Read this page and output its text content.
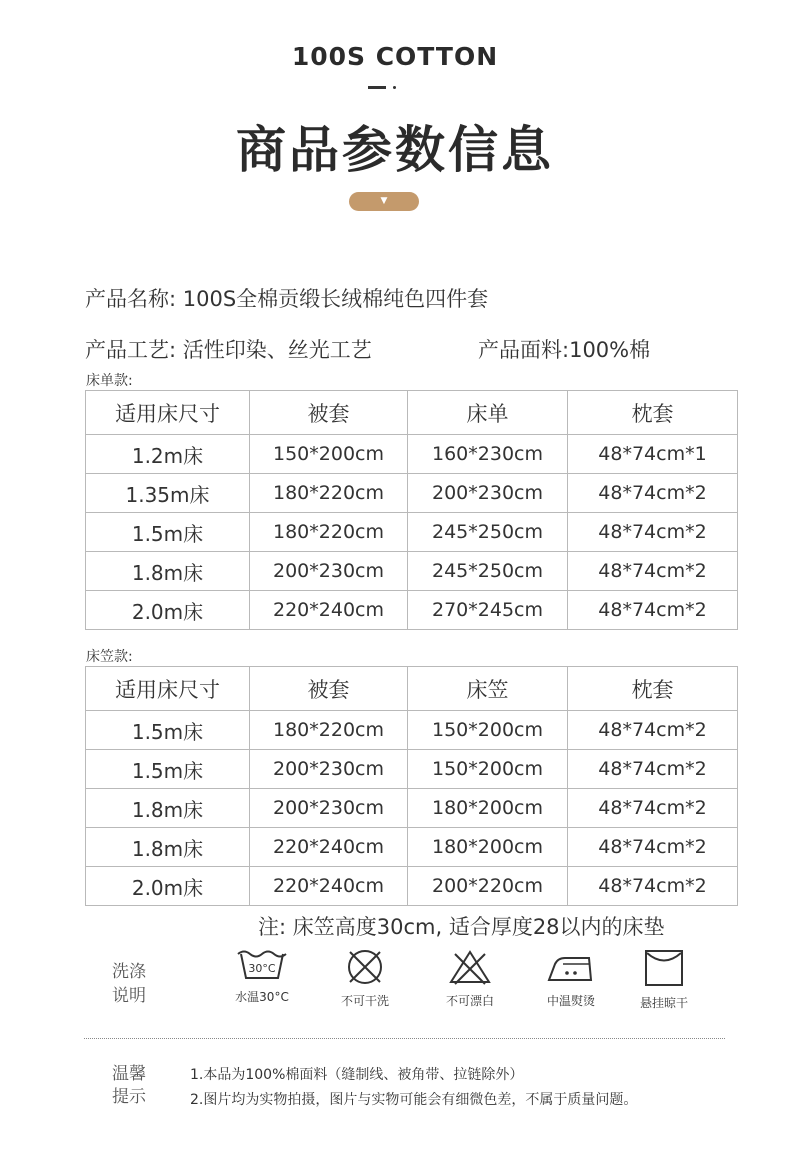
100S COTTON
商品参数信息
▼
产品名称: 100S全棉贡缎长绒棉纯色四件套
产品工艺: 活性印染、丝光工艺	产品面料:100%棉
床单款:
适用床尺寸	被套	床单	枕套
1.2m床	150*200cm	160*230cm	48*74cm*1
1.35m床	180*220cm	200*230cm	48*74cm*2
1.5m床	180*220cm	245*250cm	48*74cm*2
1.8m床	200*230cm	245*250cm	48*74cm*2
2.0m床	220*240cm	270*245cm	48*74cm*2
床笠款:
适用床尺寸	被套	床笠	枕套
1.5m床	180*220cm	150*200cm	48*74cm*2
1.5m床	200*230cm	150*200cm	48*74cm*2
1.8m床	200*230cm	180*200cm	48*74cm*2
1.8m床	220*240cm	180*200cm	48*74cm*2
2.0m床	220*240cm	200*220cm	48*74cm*2
注: 床笠高度30cm, 适合厚度28以内的床垫
洗涤
说明
30°C
水温30°C	不可干洗	不可漂白	中温熨烫	悬挂晾干
温馨
提示
1.本品为100%棉面料（缝制线、被角带、拉链除外）
2.图片均为实物拍摄，图片与实物可能会有细微色差，不属于质量问题。
